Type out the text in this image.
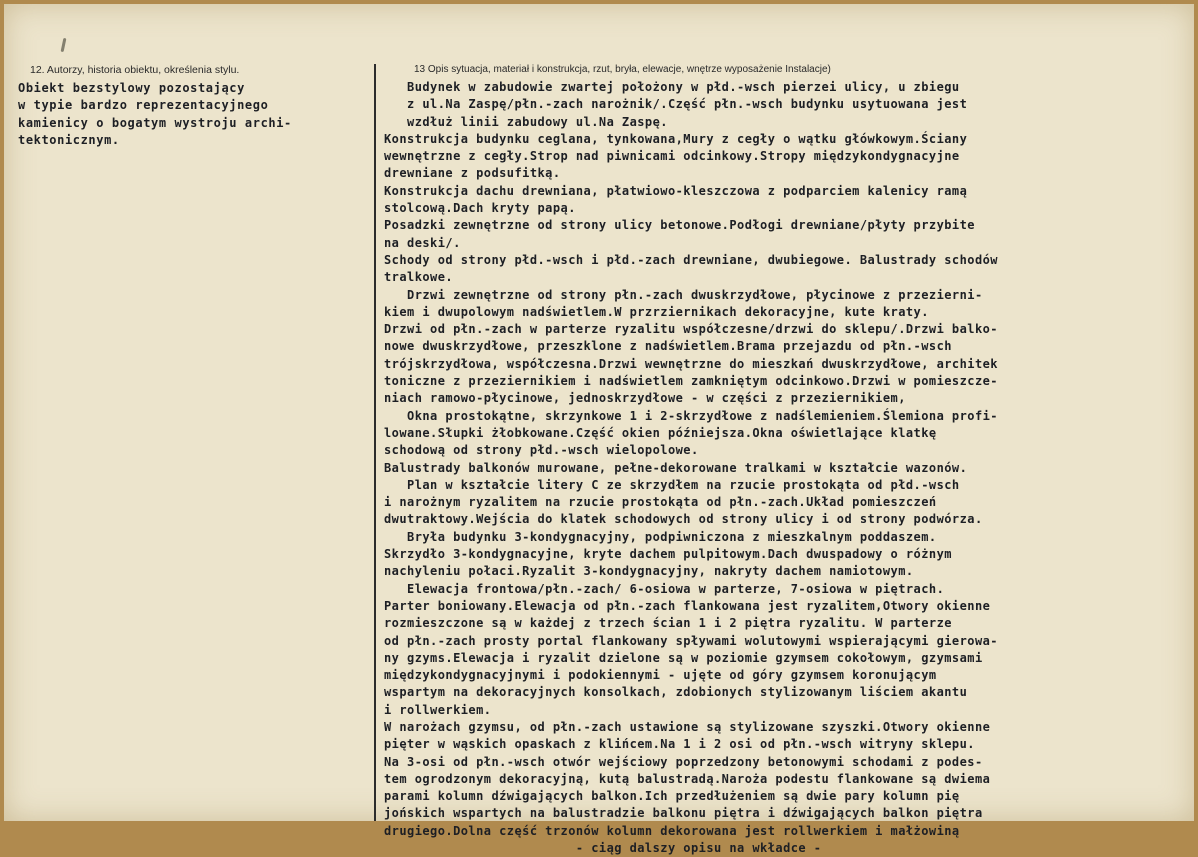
12. Autorzy, historia obiektu, określenia stylu.
Obiekt bezstylowy pozostający
w typie bardzo reprezentacyjnego
kamienicy o bogatym wystroju archi-
tektonicznym.
13 Opis sytuacja, materiał i konstrukcja, rzut, bryła, elewacje, wnętrze wyposażenie Instalacje)
Budynek w zabudowie zwartej położony w płd.-wsch pierzei ulicy, u zbiegu
z ul.Na Zaspę/płn.-zach narożnik/.Część płn.-wsch budynku usytuowana jest
wzdłuż linii zabudowy ul.Na Zaspę.
Konstrukcja budynku ceglana, tynkowana,Mury z cegły o wątku główkowym.Ściany
wewnętrzne z cegły.Strop nad piwnicami odcinkowy.Stropy międzykondygnacyjne
drewniane z podsufitką.
Konstrukcja dachu drewniana, płatwiowo-kleszczowa z podparciem kalenicy ramą
stolcową.Dach kryty papą.
Posadzki zewnętrzne od strony ulicy betonowe.Podłogi drewniane/płyty przybite
na deski/.
Schody od strony płd.-wsch i płd.-zach drewniane, dwubiegowe. Balustrady schodów
tralkowe.
Drzwi zewnętrzne od strony płn.-zach dwuskrzydłowe, płycinowe z przezierni-
kiem i dwupolowym nadświetlem.W przrziernikach dekoracyjne, kute kraty.
Drzwi od płn.-zach w parterze ryzalitu współczesne/drzwi do sklepu/.Drzwi balko-
nowe dwuskrzydłowe, przeszklone z nadświetlem.Brama przejazdu od płn.-wsch
trójskrzydłowa, współczesna.Drzwi wewnętrzne do mieszkań dwuskrzydłowe, architek
toniczne z przeziernikiem i nadświetlem zamkniętym odcinkowo.Drzwi w pomieszcze-
niach ramowo-płycinowe, jednoskrzydłowe - w części z przeziernikiem,
Okna prostokątne, skrzynkowe 1 i 2-skrzydłowe z nadślemieniem.Ślemiona profi-
lowane.Słupki żłobkowane.Część okien późniejsza.Okna oświetlające klatkę
schodową od strony płd.-wsch wielopolowe.
Balustrady balkonów murowane, pełne-dekorowane tralkami w kształcie wazonów.
Plan w kształcie litery C ze skrzydłem na rzucie prostokąta od płd.-wsch
i narożnym ryzalitem na rzucie prostokąta od płn.-zach.Układ pomieszczeń
dwutraktowy.Wejścia do klatek schodowych od strony ulicy i od strony podwórza.
Bryła budynku 3-kondygnacyjny, podpiwniczona z mieszkalnym poddaszem.
Skrzydło 3-kondygnacyjne, kryte dachem pulpitowym.Dach dwuspadowy o różnym
nachyleniu połaci.Ryzalit 3-kondygnacyjny, nakryty dachem namiotowym.
Elewacja frontowa/płn.-zach/ 6-osiowa w parterze, 7-osiowa w piętrach.
Parter boniowany.Elewacja od płn.-zach flankowana jest ryzalitem,Otwory okienne
rozmieszczone są w każdej z trzech ścian 1 i 2 piętra ryzalitu. W parterze
od płn.-zach prosty portal flankowany spływami wolutowymi wspierającymi gierowa-
ny gzyms.Elewacja i ryzalit dzielone są w poziomie gzymsem cokołowym, gzymsami
międzykondygnacyjnymi i podokiennymi - ujęte od góry gzymsem koronującym
wspartym na dekoracyjnych konsolkach, zdobionych stylizowanym liściem akantu
i rollwerkiem.
W narożach gzymsu, od płn.-zach ustawione są stylizowane szyszki.Otwory okienne
pięter w wąskich opaskach z klińcem.Na 1 i 2 osi od płn.-wsch witryny sklepu.
Na 3-osi od płn.-wsch otwór wejściowy poprzedzony betonowymi schodami z podes-
tem ogrodzonym dekoracyjną, kutą balustradą.Naroża podestu flankowane są dwiema
parami kolumn dźwigających balkon.Ich przedłużeniem są dwie pary kolumn pię
jońskich wspartych na balustradzie balkonu piętra i dźwigających balkon piętra
drugiego.Dolna część trzonów kolumn dekorowana jest rollwerkiem i małżowiną
- ciąg dalszy opisu na wkładce -
